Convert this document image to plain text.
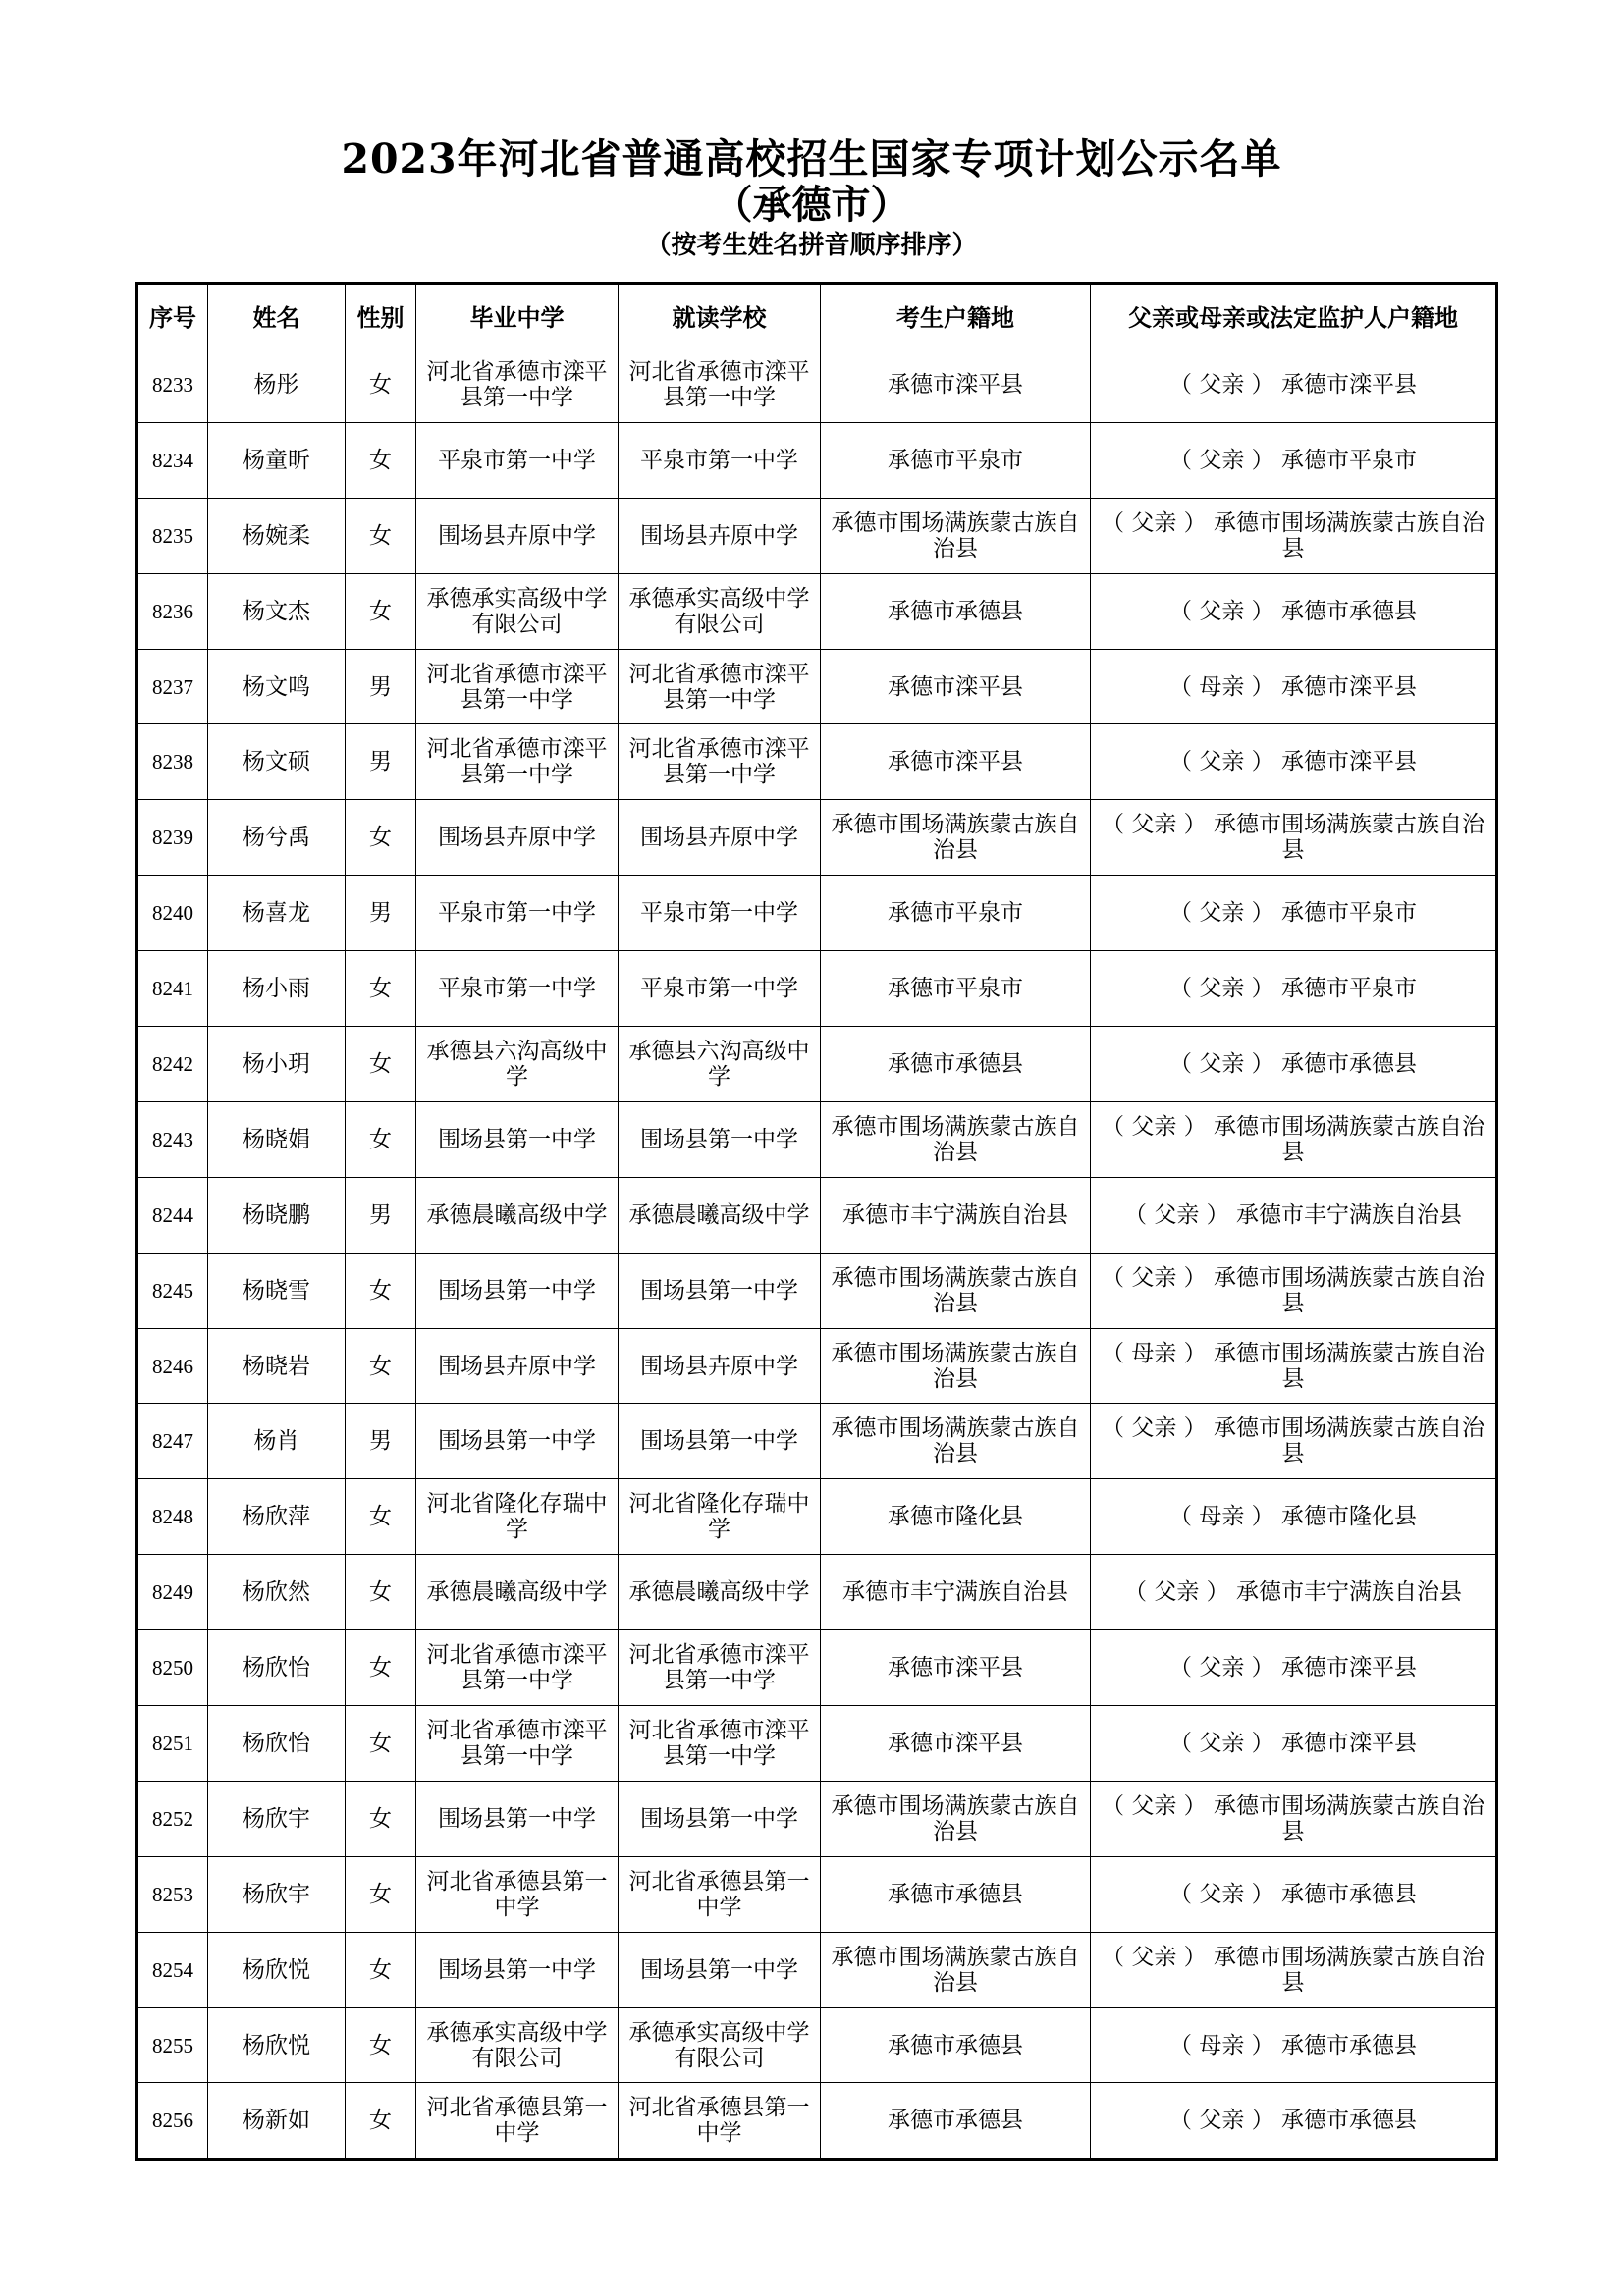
2023年河北省普通高校招生国家专项计划公示名单
（承德市）
（按考生姓名拼音顺序排序）
序号	姓名	性别	毕业中学	就读学校	考生户籍地	父亲或母亲或法定监护人户籍地
8233	杨彤	女	河北省承德市滦平县第一中学	河北省承德市滦平县第一中学	承德市滦平县	（ 父亲 ） 承德市滦平县
8234	杨童昕	女	平泉市第一中学	平泉市第一中学	承德市平泉市	（ 父亲 ） 承德市平泉市
8235	杨婉柔	女	围场县卉原中学	围场县卉原中学	承德市围场满族蒙古族自治县	（ 父亲 ） 承德市围场满族蒙古族自治县
8236	杨文杰	女	承德承实高级中学有限公司	承德承实高级中学有限公司	承德市承德县	（ 父亲 ） 承德市承德县
8237	杨文鸣	男	河北省承德市滦平县第一中学	河北省承德市滦平县第一中学	承德市滦平县	（ 母亲 ） 承德市滦平县
8238	杨文硕	男	河北省承德市滦平县第一中学	河北省承德市滦平县第一中学	承德市滦平县	（ 父亲 ） 承德市滦平县
8239	杨兮禹	女	围场县卉原中学	围场县卉原中学	承德市围场满族蒙古族自治县	（ 父亲 ） 承德市围场满族蒙古族自治县
8240	杨喜龙	男	平泉市第一中学	平泉市第一中学	承德市平泉市	（ 父亲 ） 承德市平泉市
8241	杨小雨	女	平泉市第一中学	平泉市第一中学	承德市平泉市	（ 父亲 ） 承德市平泉市
8242	杨小玥	女	承德县六沟高级中学	承德县六沟高级中学	承德市承德县	（ 父亲 ） 承德市承德县
8243	杨晓娟	女	围场县第一中学	围场县第一中学	承德市围场满族蒙古族自治县	（ 父亲 ） 承德市围场满族蒙古族自治县
8244	杨晓鹏	男	承德晨曦高级中学	承德晨曦高级中学	承德市丰宁满族自治县	（ 父亲 ） 承德市丰宁满族自治县
8245	杨晓雪	女	围场县第一中学	围场县第一中学	承德市围场满族蒙古族自治县	（ 父亲 ） 承德市围场满族蒙古族自治县
8246	杨晓岩	女	围场县卉原中学	围场县卉原中学	承德市围场满族蒙古族自治县	（ 母亲 ） 承德市围场满族蒙古族自治县
8247	杨肖	男	围场县第一中学	围场县第一中学	承德市围场满族蒙古族自治县	（ 父亲 ） 承德市围场满族蒙古族自治县
8248	杨欣萍	女	河北省隆化存瑞中学	河北省隆化存瑞中学	承德市隆化县	（ 母亲 ） 承德市隆化县
8249	杨欣然	女	承德晨曦高级中学	承德晨曦高级中学	承德市丰宁满族自治县	（ 父亲 ） 承德市丰宁满族自治县
8250	杨欣怡	女	河北省承德市滦平县第一中学	河北省承德市滦平县第一中学	承德市滦平县	（ 父亲 ） 承德市滦平县
8251	杨欣怡	女	河北省承德市滦平县第一中学	河北省承德市滦平县第一中学	承德市滦平县	（ 父亲 ） 承德市滦平县
8252	杨欣宇	女	围场县第一中学	围场县第一中学	承德市围场满族蒙古族自治县	（ 父亲 ） 承德市围场满族蒙古族自治县
8253	杨欣宇	女	河北省承德县第一中学	河北省承德县第一中学	承德市承德县	（ 父亲 ） 承德市承德县
8254	杨欣悦	女	围场县第一中学	围场县第一中学	承德市围场满族蒙古族自治县	（ 父亲 ） 承德市围场满族蒙古族自治县
8255	杨欣悦	女	承德承实高级中学有限公司	承德承实高级中学有限公司	承德市承德县	（ 母亲 ） 承德市承德县
8256	杨新如	女	河北省承德县第一中学	河北省承德县第一中学	承德市承德县	（ 父亲 ） 承德市承德县
